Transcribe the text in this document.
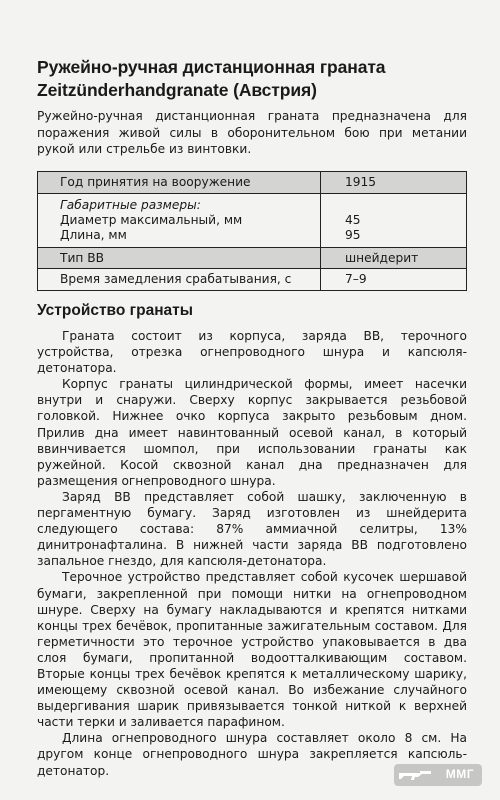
Ружейно-ручная дистанционная граната
Zeitzünderhandgranate (Австрия)
Ружейно-ручная дистанционная граната предназначена для поражения живой силы в оборонительном бою при метании рукой или стрельбе из винтовки.
Год принятия на вооружение	1915
Габаритные размеры:
Диаметр максимальный, мм	45
Длина, мм	95
Тип ВВ	шнейдерит
Время замедления срабатывания, с	7–9
Устройство гранаты

Граната состоит из корпуса, заряда ВВ, терочного устройства, отрезка огнепроводного шнура и капсюля-детонатора.

Корпус гранаты цилиндрической формы, имеет насечки внутри и снаружи. Сверху корпус закрывается резьбовой головкой. Нижнее очко корпуса закрыто резьбовым дном. Прилив дна имеет навинтованный осевой канал, в который ввинчивается шомпол, при использовании гранаты как ружейной. Косой сквозной канал дна предназначен для размещения огнепроводного шнура.

Заряд ВВ представляет собой шашку, заключенную в пергаментную бумагу. Заряд изготовлен из шнейдерита следующего состава: 87% аммиачной селитры, 13% динитронафталина. В нижней части заряда ВВ подготовлено запальное гнездо, для капсюля-детонатора.

Терочное устройство представляет собой кусочек шершавой бумаги, закрепленной при помощи нитки на огнепроводном шнуре. Сверху на бумагу накладываются и крепятся нитками концы трех бечёвок, пропитанные зажигательным составом. Для герметичности это терочное устройство упаковывается в два слоя бумаги, пропитанной водоотталкивающим составом. Вторые концы трех бечёвок крепятся к металлическому шарику, имеющему сквозной осевой канал. Во избежание случайного выдергивания шарик привязывается тонкой ниткой к верхней части терки и заливается парафином.

Длина огнепроводного шнура составляет около 8 см. На другом конце огнепроводного шнура закрепляется капсюль-детонатор.	ММГ
